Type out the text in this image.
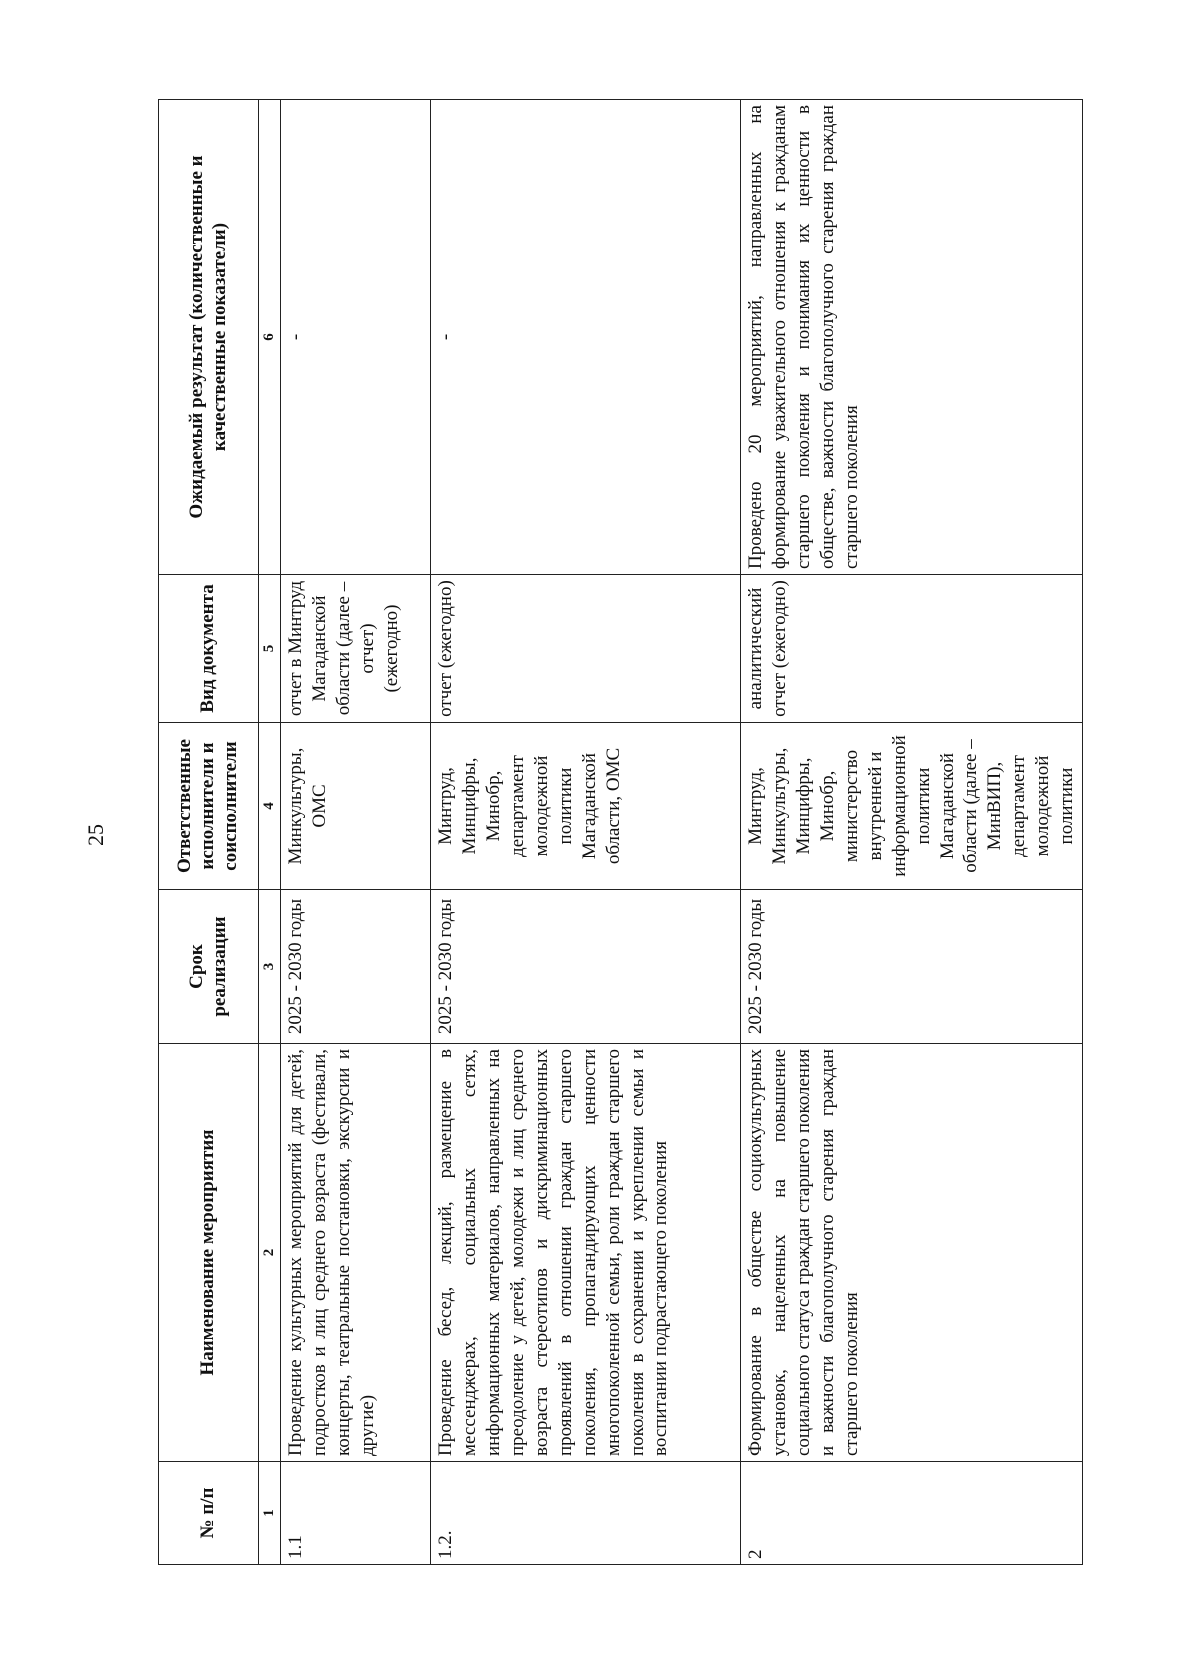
25
№ п/п	Наименование мероприятия	Срок реализации	Ответственные исполнители и соисполнители	Вид документа	Ожидаемый результат (количественные и качественные показатели)
1	2	3	4	5	6
1.1	Проведение культурных мероприятий для детей, подростков и лиц среднего возраста (фестивали, концерты, театральные постановки, экскурсии и другие)	2025 - 2030 годы	Минкультуры, ОМС	отчет в Минтруд Магаданской области (далее – отчет) (ежегодно)	-
1.2.	Проведение бесед, лекций, размещение в мессенджерах, социальных сетях, информационных материалов, направленных на преодоление у детей, молодежи и лиц среднего возраста стереотипов и дискриминационных проявлений в отношении граждан старшего поколения, пропагандирующих ценности многопоколенной семьи, роли граждан старшего поколения в сохранении и укреплении семьи и воспитании подрастающего поколения	2025 - 2030 годы	Минтруд, Минцифры, Минобр, департамент молодежной политики Магаданской области, ОМС	отчет (ежегодно)	-
2	Формирование в обществе социокультурных установок, нацеленных на повышение социального статуса граждан старшего поколения и важности благополучного старения граждан старшего поколения	2025 - 2030 годы	Минтруд, Минкультуры, Минцифры, Минобр, министерство внутренней и информационной политики Магаданской области (далее – МинВИП), департамент молодежной политики	аналитический отчет (ежегодно)	Проведено 20 мероприятий, направленных на формирование уважительного отношения к гражданам старшего поколения и понимания их ценности в обществе, важности благополучного старения граждан старшего поколения
